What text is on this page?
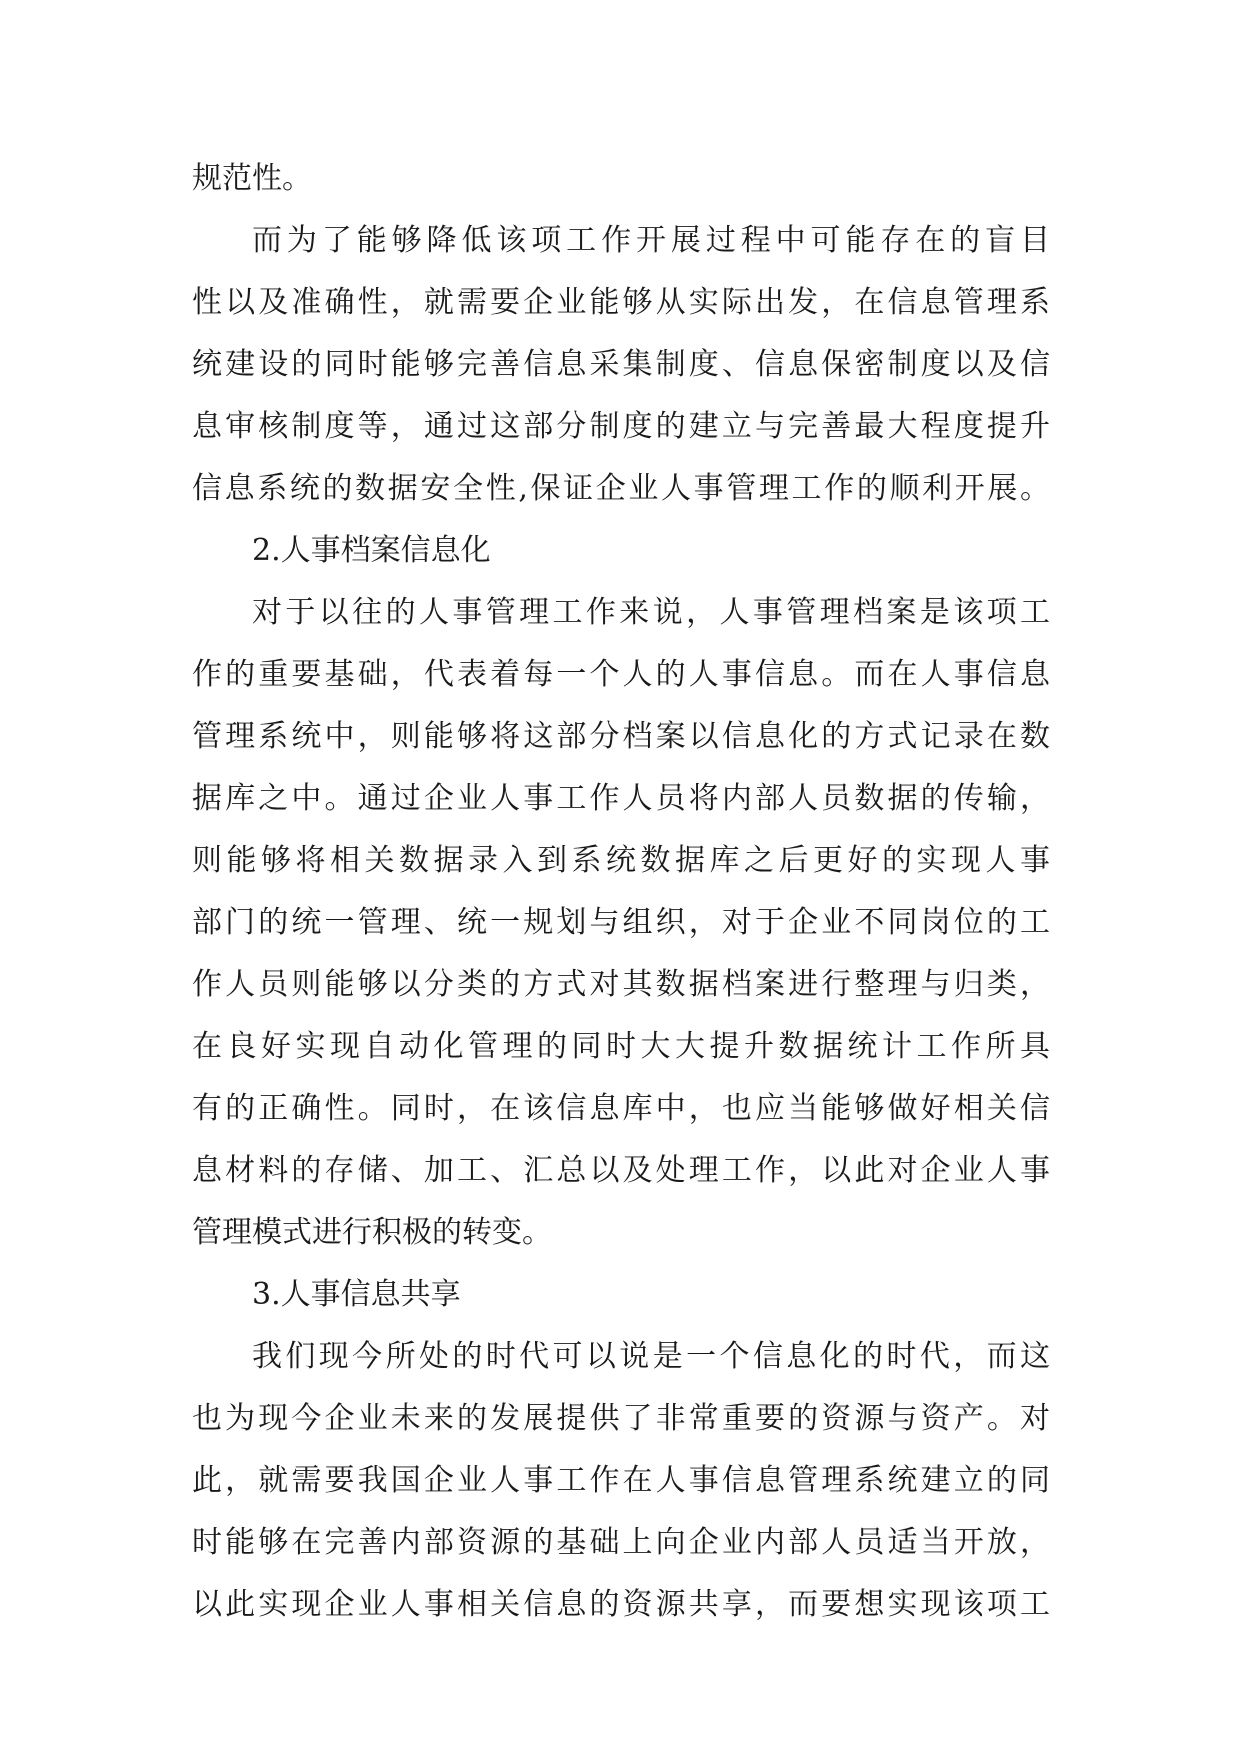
规范性。
而为了能够降低该项工作开展过程中可能存在的盲目
性以及准确性，就需要企业能够从实际出发，在信息管理系
统建设的同时能够完善信息采集制度、信息保密制度以及信
息审核制度等，通过这部分制度的建立与完善最大程度提升
信息系统的数据安全性,保证企业人事管理工作的顺利开展。
2.人事档案信息化
对于以往的人事管理工作来说，人事管理档案是该项工
作的重要基础，代表着每一个人的人事信息。而在人事信息
管理系统中，则能够将这部分档案以信息化的方式记录在数
据库之中。通过企业人事工作人员将内部人员数据的传输，
则能够将相关数据录入到系统数据库之后更好的实现人事
部门的统一管理、统一规划与组织，对于企业不同岗位的工
作人员则能够以分类的方式对其数据档案进行整理与归类，
在良好实现自动化管理的同时大大提升数据统计工作所具
有的正确性。同时，在该信息库中，也应当能够做好相关信
息材料的存储、加工、汇总以及处理工作，以此对企业人事
管理模式进行积极的转变。
3.人事信息共享
我们现今所处的时代可以说是一个信息化的时代，而这
也为现今企业未来的发展提供了非常重要的资源与资产。对
此，就需要我国企业人事工作在人事信息管理系统建立的同
时能够在完善内部资源的基础上向企业内部人员适当开放，
以此实现企业人事相关信息的资源共享，而要想实现该项工
